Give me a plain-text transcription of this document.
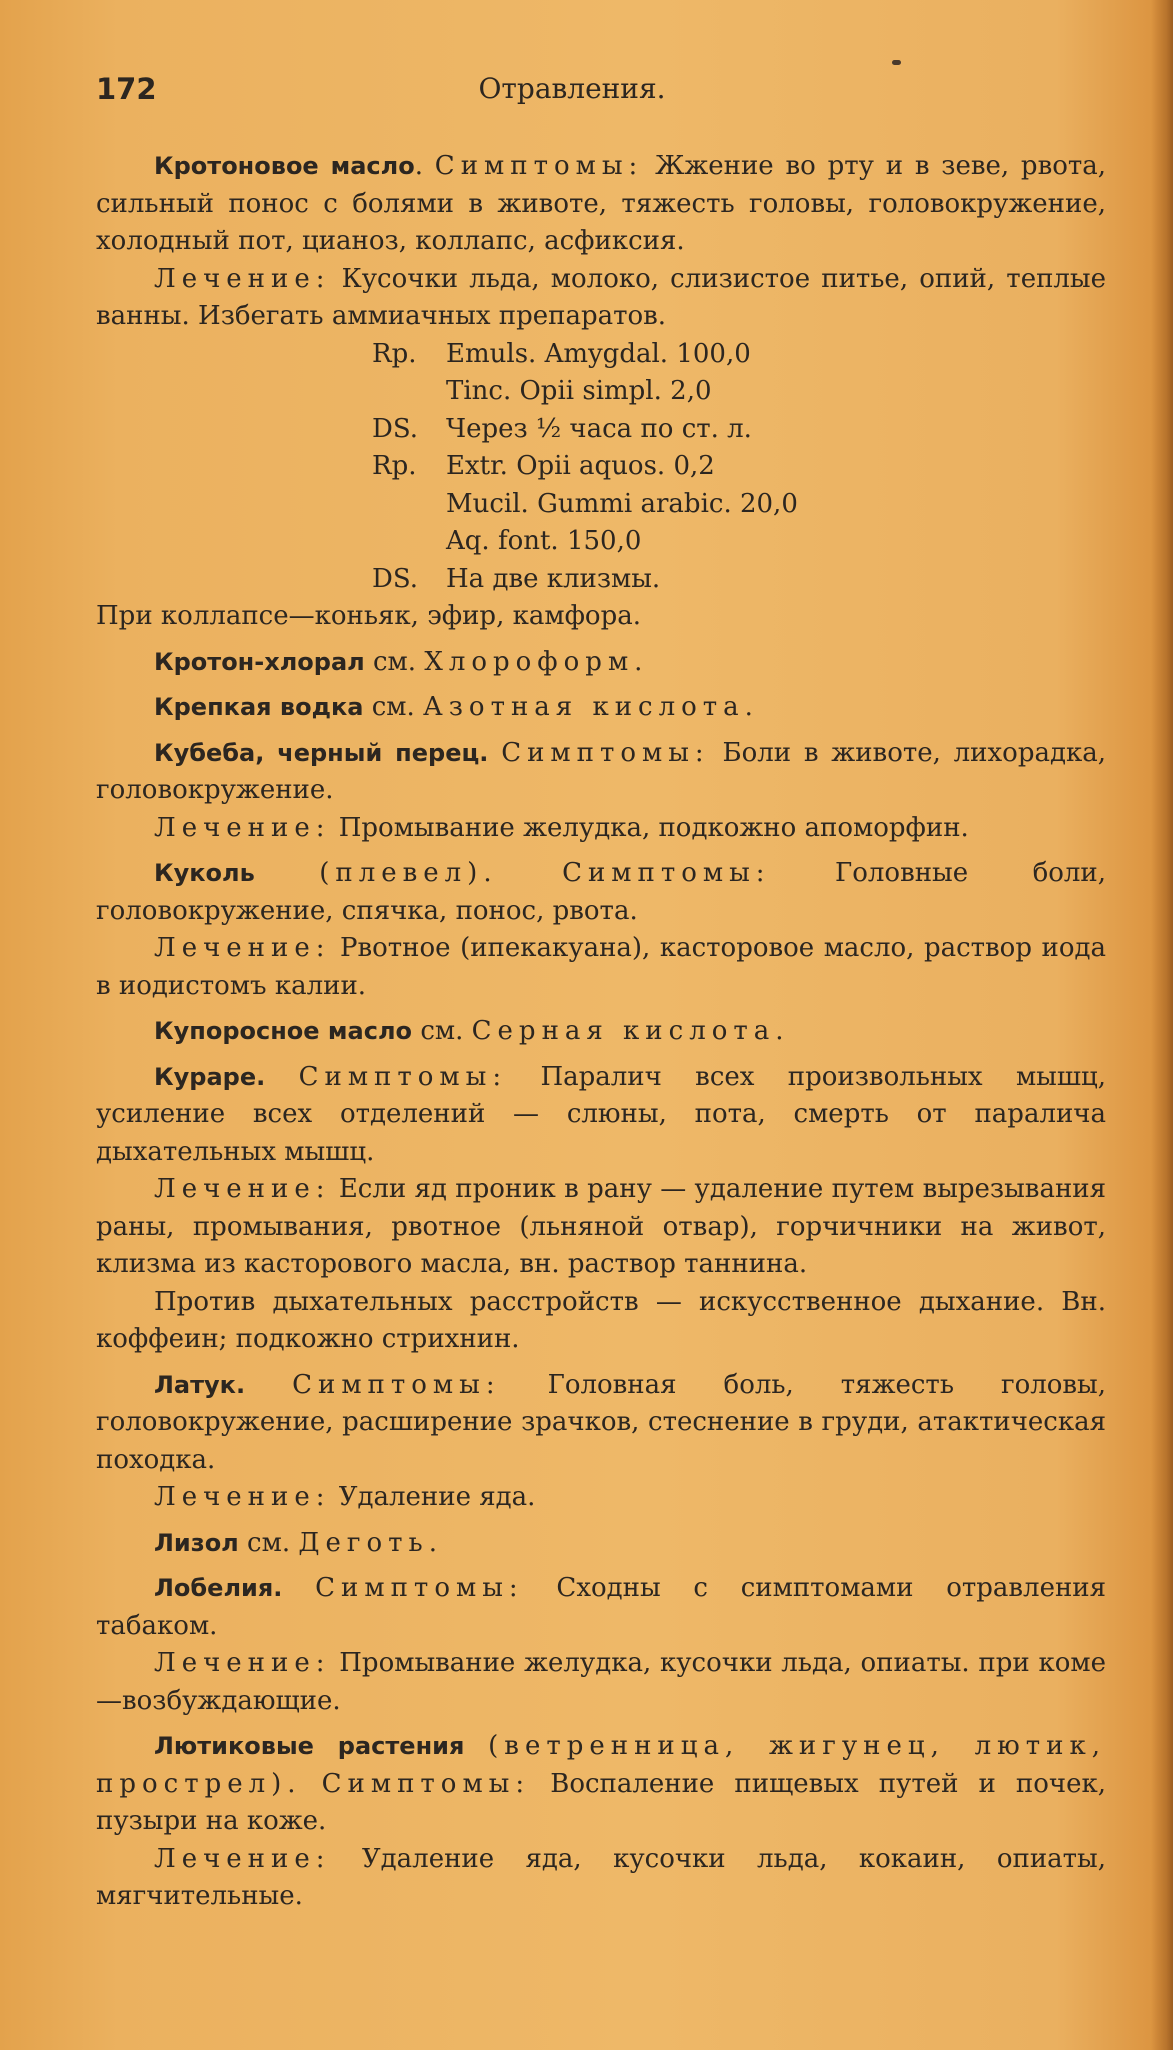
172	Отравления.

Кротоновое масло. Симптомы: Жжение во рту и в зеве, рвота, сильный понос с болями в животе, тяжесть головы, головокружение, холодный пот, цианоз, коллапс, асфиксия.

Лечение: Кусочки льда, молоко, слизистое питье, опий, теплые ванны. Избегать аммиачных препаратов.

Rp.	Emuls. Amygdal. 100,0
Tinc. Opii simpl. 2,0
DS.	Через ½ часа по ст. л.
Rp.	Extr. Opii aquos. 0,2
Mucil. Gummi arabic. 20,0
Aq. font. 150,0
DS.	На две клизмы.

При коллапсе—коньяк, эфир, камфора.

Кротон-хлорал см. Хлороформ.

Крепкая водка см. Азотная кислота.

Кубеба, черный перец. Симптомы: Боли в животе, лихорадка, головокружение.

Лечение: Промывание желудка, подкожно апоморфин.

Куколь (плевел). Симптомы: Головные боли, головокружение, спячка, понос, рвота.

Лечение: Рвотное (ипекакуана), касторовое масло, раствор иода в иодистомъ калии.

Купоросное масло см. Серная кислота.

Кураре. Симптомы: Паралич всех произвольных мышц, усиление всех отделений — слюны, пота, смерть от паралича дыхательных мышц.

Лечение: Если яд проник в рану — удаление путем вырезывания раны, промывания, рвотное (льняной отвар), горчичники на живот, клизма из касторового масла, вн. раствор таннина.

Против дыхательных расстройств — искусственное дыхание. Вн. коффеин; подкожно стрихнин.

Латук. Симптомы: Головная боль, тяжесть головы, головокружение, расширение зрачков, стеснение в груди, атактическая походка.

Лечение: Удаление яда.

Лизол см. Деготь.

Лобелия. Симптомы: Сходны с симптомами отравления табаком.

Лечение: Промывание желудка, кусочки льда, опиаты. при коме—возбуждающие.

Лютиковые растения (ветренница, жигунец, лютик, прострел). Симптомы: Воспаление пищевых путей и почек, пузыри на коже.

Лечение: Удаление яда, кусочки льда, кокаин, опиаты, мягчительные.
